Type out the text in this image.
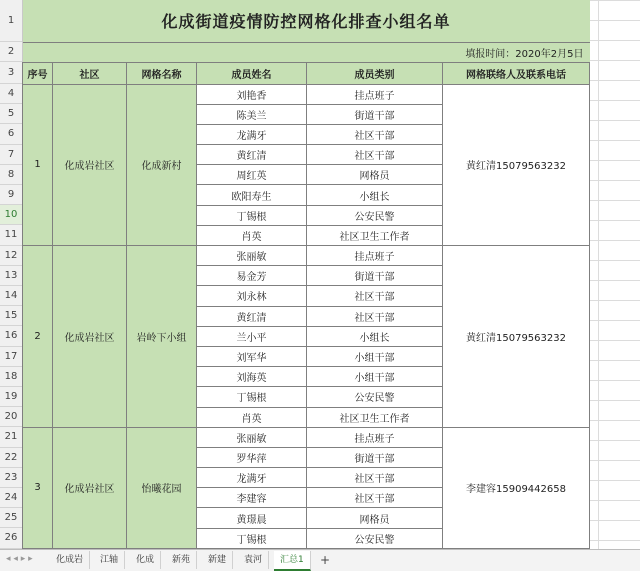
1
2
3
4
5
6
7
8
9
10
11
12
13
14
15
16
17
18
19
20
21
22
23
24
25
26
化成街道疫情防控网格化排查小组名单					
填报时间：2020年2月5日					
序号	社区	网格名称	成员姓名	成员类别	网格联络人及联系电话
1	化成岩社区	化成新村	刘艳香	挂点班子	黄红清15079563232
			陈美兰	街道干部	
			龙满牙	社区干部	
			黄红清	社区干部	
			周红英	网格员	
			欧阳寿生	小组长	
			丁锡根	公安民警	
			肖英	社区卫生工作者	
2	化成岩社区	岩岭下小组	张丽敏	挂点班子	黄红清15079563232
			易金芳	街道干部	
			刘永林	社区干部	
			黄红清	社区干部	
			兰小平	小组长	
			刘军华	小组干部	
			刘海英	小组干部	
			丁锡根	公安民警	
			肖英	社区卫生工作者	
3	化成岩社区	怡曦花园	张丽敏	挂点班子	李建容15909442658
			罗华萍	街道干部	
			龙满牙	社区干部	
			李建容	社区干部	
			黄璟晨	网格员	
			丁锡根	公安民警	
◂ ◂ ▸ ▸	化成岩	江轴	化成	新苑	新建	袁河	汇总1	+
